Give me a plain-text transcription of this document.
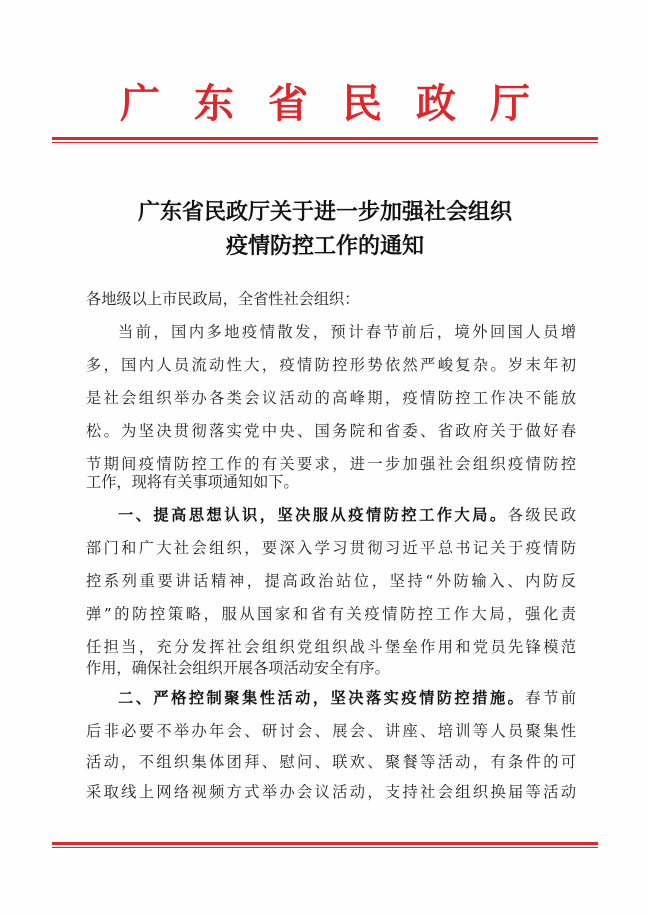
广东省民政厅
广东省民政厅关于进一步加强社会组织
疫情防控工作的通知
各地级以上市民政局，全省性社会组织：
当前，国内多地疫情散发，预计春节前后，境外回国人员增
多，国内人员流动性大，疫情防控形势依然严峻复杂。岁末年初
是社会组织举办各类会议活动的高峰期，疫情防控工作决不能放
松。为坚决贯彻落实党中央、国务院和省委、省政府关于做好春
节期间疫情防控工作的有关要求，进一步加强社会组织疫情防控
工作，现将有关事项通知如下。
一、提高思想认识，坚决服从疫情防控工作大局。各级民政
部门和广大社会组织，要深入学习贯彻习近平总书记关于疫情防
控系列重要讲话精神，提高政治站位，坚持“外防输入、内防反
弹”的防控策略，服从国家和省有关疫情防控工作大局，强化责
任担当，充分发挥社会组织党组织战斗堡垒作用和党员先锋模范
作用，确保社会组织开展各项活动安全有序。
二、严格控制聚集性活动，坚决落实疫情防控措施。春节前
后非必要不举办年会、研讨会、展会、讲座、培训等人员聚集性
活动，不组织集体团拜、慰问、联欢、聚餐等活动，有条件的可
采取线上网络视频方式举办会议活动，支持社会组织换届等活动
